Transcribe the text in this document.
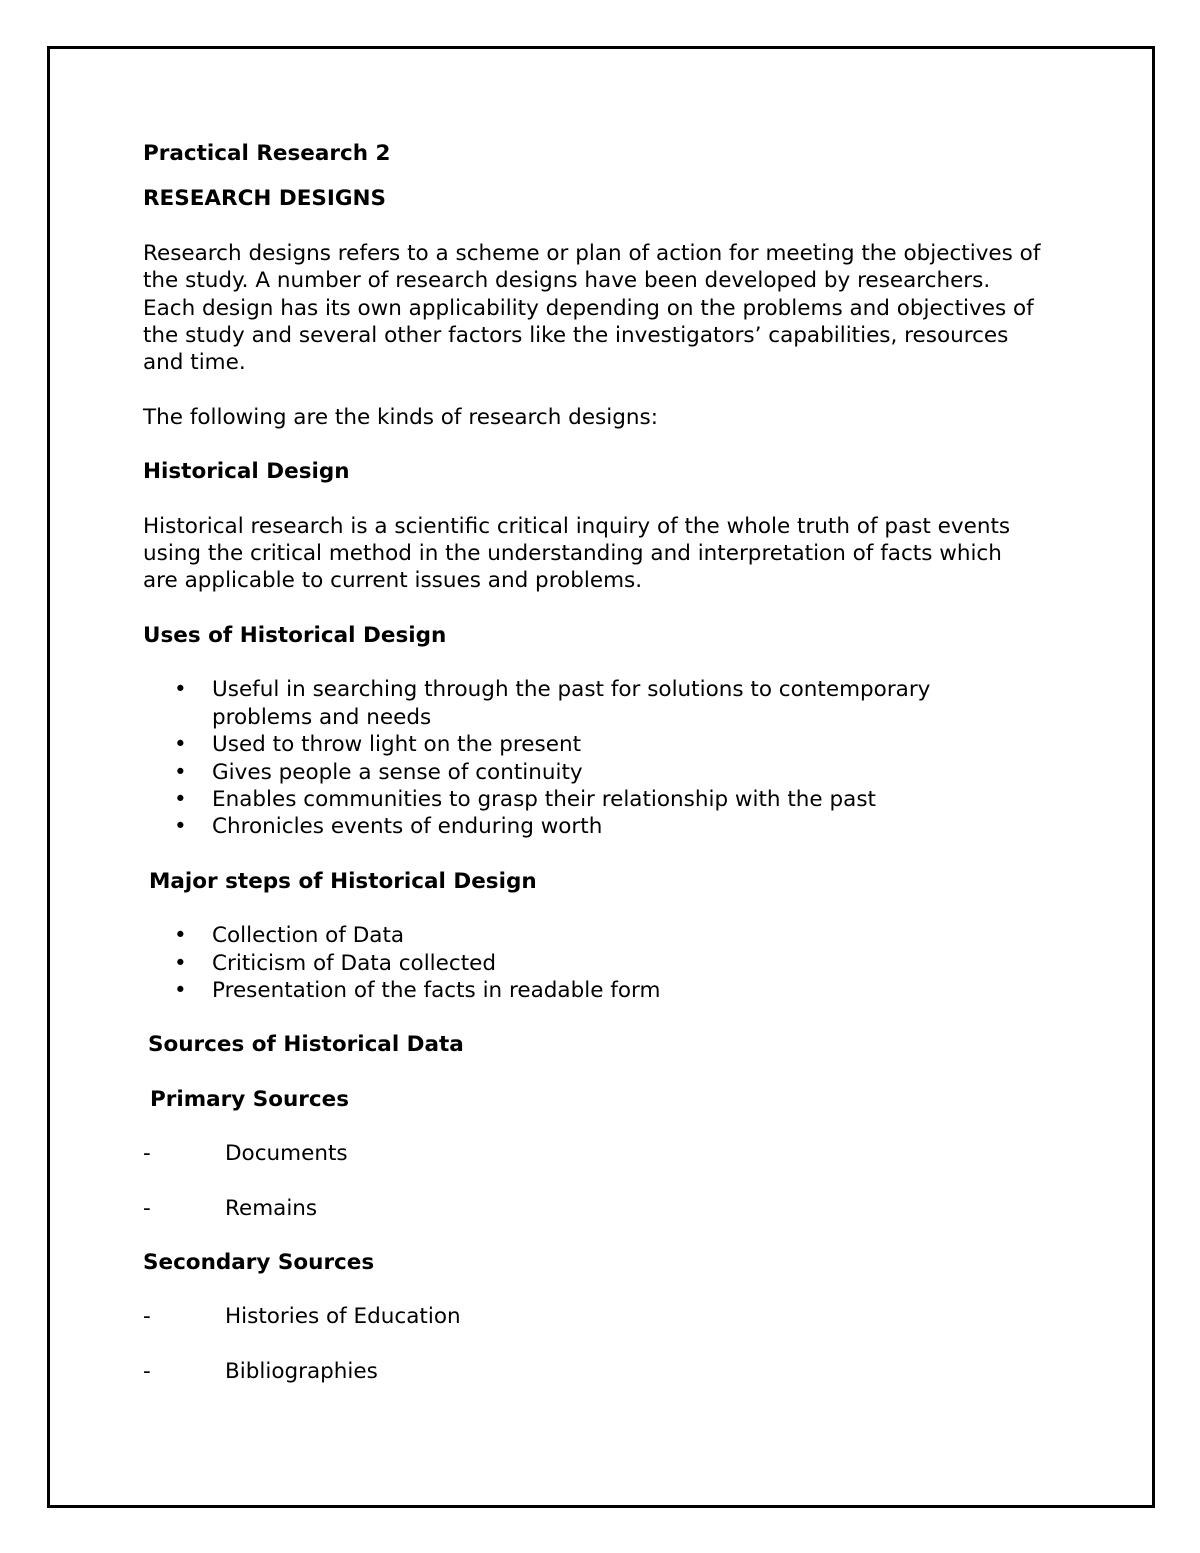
Practical Research 2

RESEARCH DESIGNS

Research designs refers to a scheme or plan of action for meeting the objectives of the study. A number of research designs have been developed by researchers. Each design has its own applicability depending on the problems and objectives of the study and several other factors like the investigators’ capabilities, resources and time.

The following are the kinds of research designs:

Historical Design

Historical research is a scientific critical inquiry of the whole truth of past events using the critical method in the understanding and interpretation of facts which are applicable to current issues and problems.

Uses of Historical Design

• Useful in searching through the past for solutions to contemporary problems and needs
• Used to throw light on the present
• Gives people a sense of continuity
• Enables communities to grasp their relationship with the past
• Chronicles events of enduring worth

Major steps of Historical Design

• Collection of Data
• Criticism of Data collected
• Presentation of the facts in readable form

Sources of Historical Data

Primary Sources

-	Documents

-	Remains

Secondary Sources

-	Histories of Education

-	Bibliographies
